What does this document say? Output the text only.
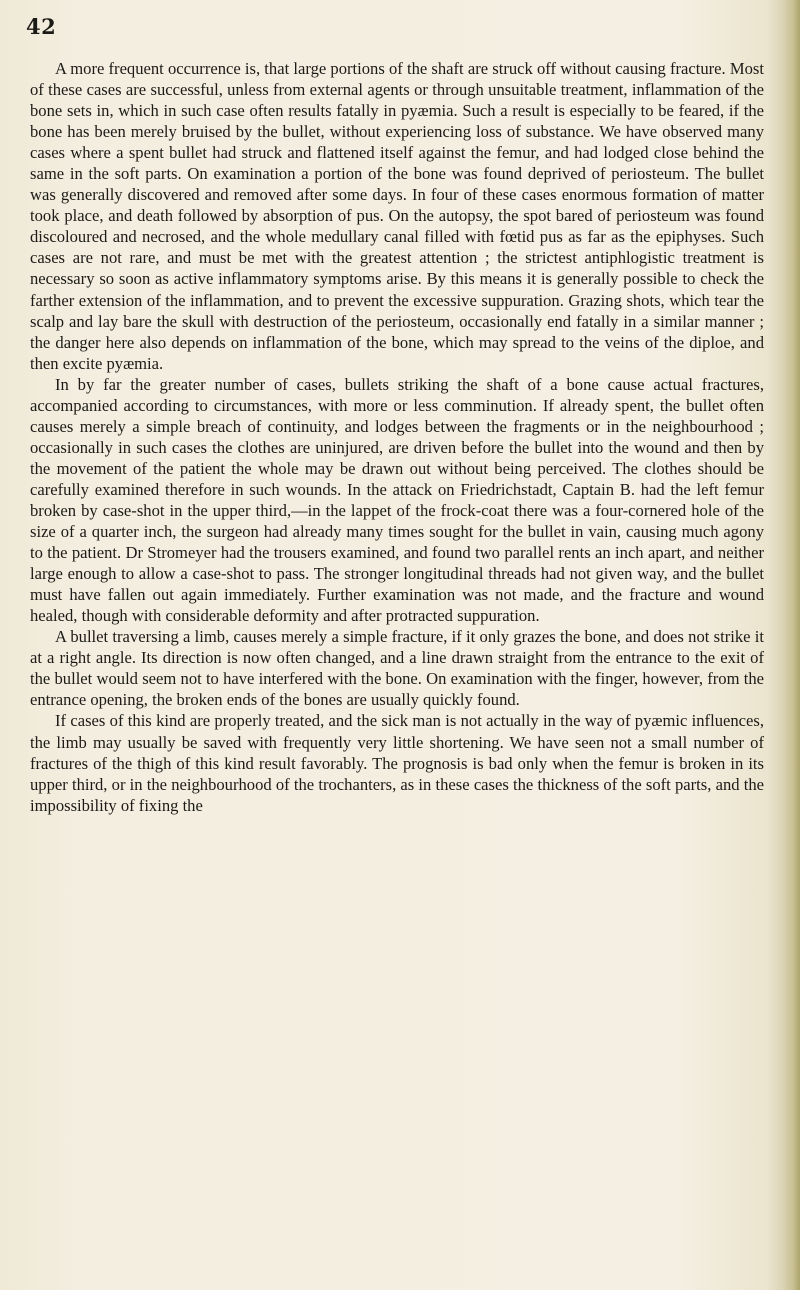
42

A more frequent occurrence is, that large portions of the shaft are struck off without causing fracture. Most of these cases are successful, unless from external agents or through unsuitable treatment, inflammation of the bone sets in, which in such case often results fatally in pyæmia. Such a result is especially to be feared, if the bone has been merely bruised by the bullet, without experiencing loss of substance. We have observed many cases where a spent bullet had struck and flattened itself against the femur, and had lodged close behind the same in the soft parts. On examination a portion of the bone was found deprived of periosteum. The bullet was generally discovered and removed after some days. In four of these cases enormous formation of matter took place, and death followed by absorption of pus. On the autopsy, the spot bared of periosteum was found discoloured and necrosed, and the whole medullary canal filled with fœtid pus as far as the epiphyses. Such cases are not rare, and must be met with the greatest attention ; the strictest antiphlogistic treatment is necessary so soon as active inflammatory symptoms arise. By this means it is generally possible to check the farther extension of the inflammation, and to prevent the excessive suppuration. Grazing shots, which tear the scalp and lay bare the skull with destruction of the periosteum, occasionally end fatally in a similar manner ; the danger here also depends on inflammation of the bone, which may spread to the veins of the diploe, and then excite pyæmia.

In by far the greater number of cases, bullets striking the shaft of a bone cause actual fractures, accompanied according to circumstances, with more or less comminution. If already spent, the bullet often causes merely a simple breach of continuity, and lodges between the fragments or in the neighbourhood ; occasionally in such cases the clothes are uninjured, are driven before the bullet into the wound and then by the movement of the patient the whole may be drawn out without being perceived. The clothes should be carefully examined therefore in such wounds. In the attack on Friedrichstadt, Captain B. had the left femur broken by case-shot in the upper third,—in the lappet of the frock-coat there was a four-cornered hole of the size of a quarter inch, the surgeon had already many times sought for the bullet in vain, causing much agony to the patient. Dr Stromeyer had the trousers examined, and found two parallel rents an inch apart, and neither large enough to allow a case-shot to pass. The stronger longitudinal threads had not given way, and the bullet must have fallen out again immediately. Further examination was not made, and the fracture and wound healed, though with considerable deformity and after protracted suppuration.

A bullet traversing a limb, causes merely a simple fracture, if it only grazes the bone, and does not strike it at a right angle. Its direction is now often changed, and a line drawn straight from the entrance to the exit of the bullet would seem not to have interfered with the bone. On examination with the finger, however, from the entrance opening, the broken ends of the bones are usually quickly found.

If cases of this kind are properly treated, and the sick man is not actually in the way of pyæmic influences, the limb may usually be saved with frequently very little shortening. We have seen not a small number of fractures of the thigh of this kind result favorably. The prognosis is bad only when the femur is broken in its upper third, or in the neighbourhood of the trochanters, as in these cases the thickness of the soft parts, and the impossibility of fixing the
